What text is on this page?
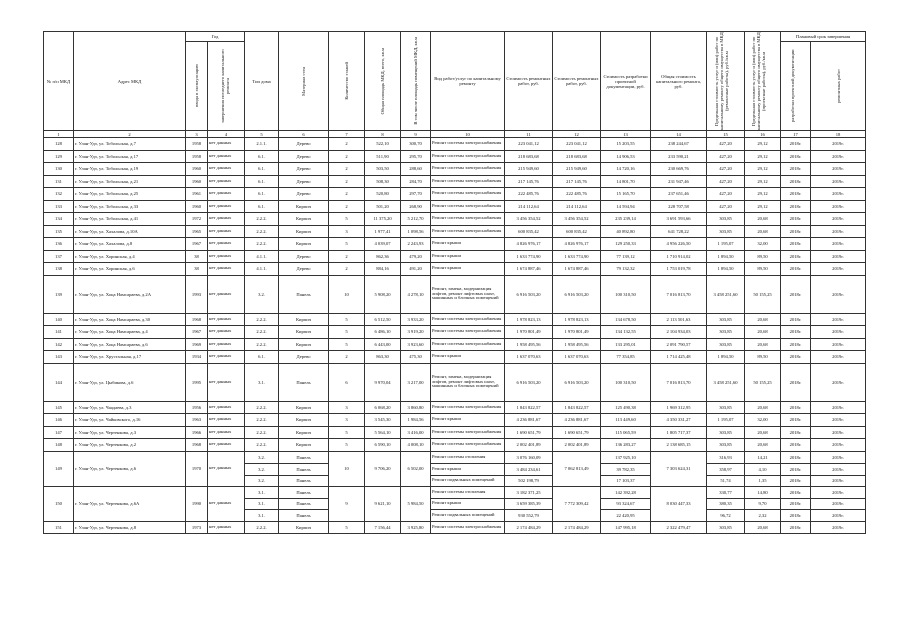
№ п/п МКД	Адрес МКД	Год		Тип дома	Материал стен	Количество этажей	Общая площадь МКД, всего, кв.м	В том числе площадь помещений МКД, кв.м	Вид работ/услуг по капитальному ремонту	Стоимость ремонтных работ, руб.	Стоимость ремонтных работ, руб.	Стоимость разработки проектной документации, руб.	Общая стоимость капитального ремонта, руб.	Предельная стоимость услуг и (или) работ по капитальному ремонту общего имущества в МКД (ремонтные работы), руб./кв.м	Предельная стоимость услуг и (или) работ по капитальному ремонту общего имущества в МКД (проектные работы), руб./кв.м	Плановый срок завершения	

		ввода в эксплуатацию	завершения последнего капитального ремонта													разработки проектной документации	ремонтных работ

1	2	3	4	5	6	7	8	9	10	11	12	13	14	15	16	17	18
128	г. Улан-Удэ, ул. Тобольская, д.7	1958	нет данных	2.1.1.	Дерево	2	522,10	300,70	Ремонт системы электроснабжения	223 041,12	223 041,12	15 203,55	238 244,67	427,20	29,12	2018г.	2019г.
129	г. Улан-Удэ, ул. Тобольская, д.17	1958	нет данных	6.1.	Дерево	2	511,90	295,70	Ремонт системы электроснабжения	218 683,68	218 683,68	14 906,53	233 590,21	427,20	29,12	2018г.	2019г.
130	г. Улан-Удэ, ул. Тобольская, д.19	1960	нет данных	6.1.	Дерево	2	503,50	288,60	Ремонт системы электроснабжения	215 949,60	215 949,60	14 720,16	230 669,76	427,20	29,12	2018г.	2019г.
131	г. Улан-Удэ, ул. Тобольская, д.21	1960	нет данных	6.1.	Дерево	2	508,30	284,70	Ремонт системы электроснабжения	217 145,76	217 145,76	14 801,70	231 947,46	427,20	29,12	2018г.	2019г.
132	г. Улан-Удэ, ул. Тобольская, д.25	1961	нет данных	6.1.	Дерево	2	520,80	297,70	Ремонт системы электроснабжения	222 485,76	222 485,76	15 165,70	237 651,46	427,20	29,12	2018г.	2019г.
133	г. Улан-Удэ, ул. Тобольская, д.33	1960	нет данных	6.1.	Кирпич	2	501,20	268,90	Ремонт системы электроснабжения	214 112,64	214 112,64	14 594,94	228 707,58	427,20	29,12	2018г.	2019г.
134	г. Улан-Удэ, ул. Тобольская, д.41	1972	нет данных	2.2.2.	Кирпич	5	11 375,20	5 212,70	Ремонт системы электроснабжения	3 456 354,52	3 456 354,52	235 239,14	3 691 593,66	303,85	20,68	2018г.	2019г.
135	г. Улан-Удэ, ул. Хахалова, д.10А	1965	нет данных	2.2.2.	Кирпич	3	1 977,41	1 098,56	Ремонт системы электроснабжения	600 835,42	600 835,42	40 892,80	641 728,22	303,85	20,68	2018г.	2019г.
136	г. Улан-Удэ, ул. Хахалова, д.8	1967	нет данных	2.2.2.	Кирпич	5	4 039,07	2 243,93	Ремонт крыши	4 826 976,17	4 826 976,17	129 250,33	4 956 226,50	1 195,07	32,00	2018г.	2019г.
137	г. Улан-Удэ, ул. Хоринская, д.4	38	нет данных	4.1.1.	Дерево	2	862,36	479,20	Ремонт крыши	1 633 774,90	1 633 774,90	77 139,12	1 710 914,02	1 894,50	89,50	2018г.	2019г.
138	г. Улан-Удэ, ул. Хоринская, д.6	38	нет данных	4.1.1.	Дерево	2	884,16	491,20	Ремонт крыши	1 674 887,46	1 674 887,46	79 132,32	1 753 019,78	1 894,50	89,50	2018г.	2019г.
139	г. Улан-Удэ, ул. Хоца Намсараева, д.2А	1993	нет данных	3.2.	Панель	10	5 908,20	4 278,10	Ремонт, замена, модернизация лифтов, ремонт лифтовых шахт, машинных и блочных помещений	6 916 503,20	6 916 503,20	100 310,50	7 016 813,70	3 458 251,60	50 155,25	2018г.	2019г.
140	г. Улан-Удэ, ул. Хоца Намсараева, д.30	1968	нет данных	2.2.2.	Кирпич	5	6 512,50	3 933,20	Ремонт системы электроснабжения	1 978 823,13	1 978 823,13	134 678,50	2 113 501,63	303,85	20,68	2018г.	2019г.
141	г. Улан-Удэ, ул. Хоца Намсараева, д.4	1967	нет данных	2.2.2.	Кирпич	5	6 486,10	3 919,20	Ремонт системы электроснабжения	1 970 801,49	1 970 801,49	134 132,55	2 104 934,03	303,85	20,68	2018г.	2019г.
142	г. Улан-Удэ, ул. Хоца Намсараева, д.6	1969	нет данных	2.2.2.	Кирпич	5	6 443,00	3 923,60	Ремонт системы электроснабжения	1 958 495,56	1 958 495,56	133 295,01	2 091 790,57	303,85	20,68	2018г.	2019г.
143	г. Улан-Удэ, ул. Хрустальная, д.17	1934	нет данных	6.1.	Дерево	2	863,30	475,30	Ремонт крыши	1 637 070,63	1 637 070,63	77 354,85	1 714 425,48	1 894,50	89,50	2018г.	2019г.
144	г. Улан-Удэ, ул. Цыбикова, д.6	1995	нет данных	3.1.	Панель	6	9 970,04	3 217,00	Ремонт, замена, модернизация лифтов, ремонт лифтовых шахт, машинных и блочных помещений	6 916 503,20	6 916 503,20	100 310,50	7 016 813,70	3 458 251,60	50 155,25	2018г.	2019г.
145	г. Улан-Удэ, ул. Чаадаева, д.3	1956	нет данных	2.2.2.	Кирпич	3	6 068,20	3 860,80	Ремонт системы электроснабжения	1 843 822,57	1 843 822,57	125 490,38	1 969 312,95	303,85	20,68	2018г.	2019г.
146	г. Улан-Удэ, ул. Чайковского, д.16	1963	нет данных	2.2.2.	Кирпич	3	3 545,30	1 984,56	Ремонт крыши	4 236 881,67	4 236 881,67	113 449,60	4 350 331,27	1 195,07	32,00	2018г.	2019г.
147	г. Улан-Удэ, ул. Чертенкова, д.3	1966	нет данных	2.2.2.	Кирпич	5	5 564,10	3 416,00	Ремонт системы электроснабжения	1 690 651,79	1 690 651,79	115 065,59	1 805 717,37	303,85	20,68	2018г.	2019г.
148	г. Улан-Удэ, ул. Чертенкова, д.2	1968	нет данных	2.2.2.	Кирпич	5	6 590,10	4 008,10	Ремонт системы электроснабжения	2 002 401,89	2 002 401,89	136 283,27	2 138 685,15	303,85	20,68	2018г.	2019г.
149	г. Улан-Удэ, ул. Чертенкова, д.6	1970	нет данных	3.2.	Панель	10	9 706,20	6 502,00	Ремонт системы отопления	3 076 160,09	7 062 813,49	137 925,10	7 303 624,31	316,93	14,21	2018г.	2019г.
				3.2.	Панель				Ремонт крыши	3 484 234,61		39 782,35		358,97	4,10	2018г.	2019г.
				3.2.	Панель				Ремонт подвальных помещений	502 198,79		17 103,37		51,74	1,35	2018г.	2019г.
150	г. Улан-Удэ, ул. Чертенкова, д.6А	1990	нет данных	3.1.	Панель	9	9 621,10	5 984,50	Ремонт системы отопления	3 182 371,25	7 772 309,42	142 392,28	8 030 447,33	330,77	14,80	2018г.	2019г.
				3.1.	Панель				Ремонт крыши	3 659 385,39		93 324,67		380,35	9,70	2018г.	2019г.
				3.1.	Панель				Ремонт подвальных помещений	930 552,79		22 420,95		96,72	2,32	2018г.	2019г.
151	г. Улан-Удэ, ул. Чертенкова, д.8	1973	нет данных	2.2.2.	Кирпич	5	7 156,44	3 925,80	Ремонт системы электроснабжения	2 174 484,29	2 174 484,29	147 995,18	2 322 479,47	303,85	20,68	2018г.	2019г.
